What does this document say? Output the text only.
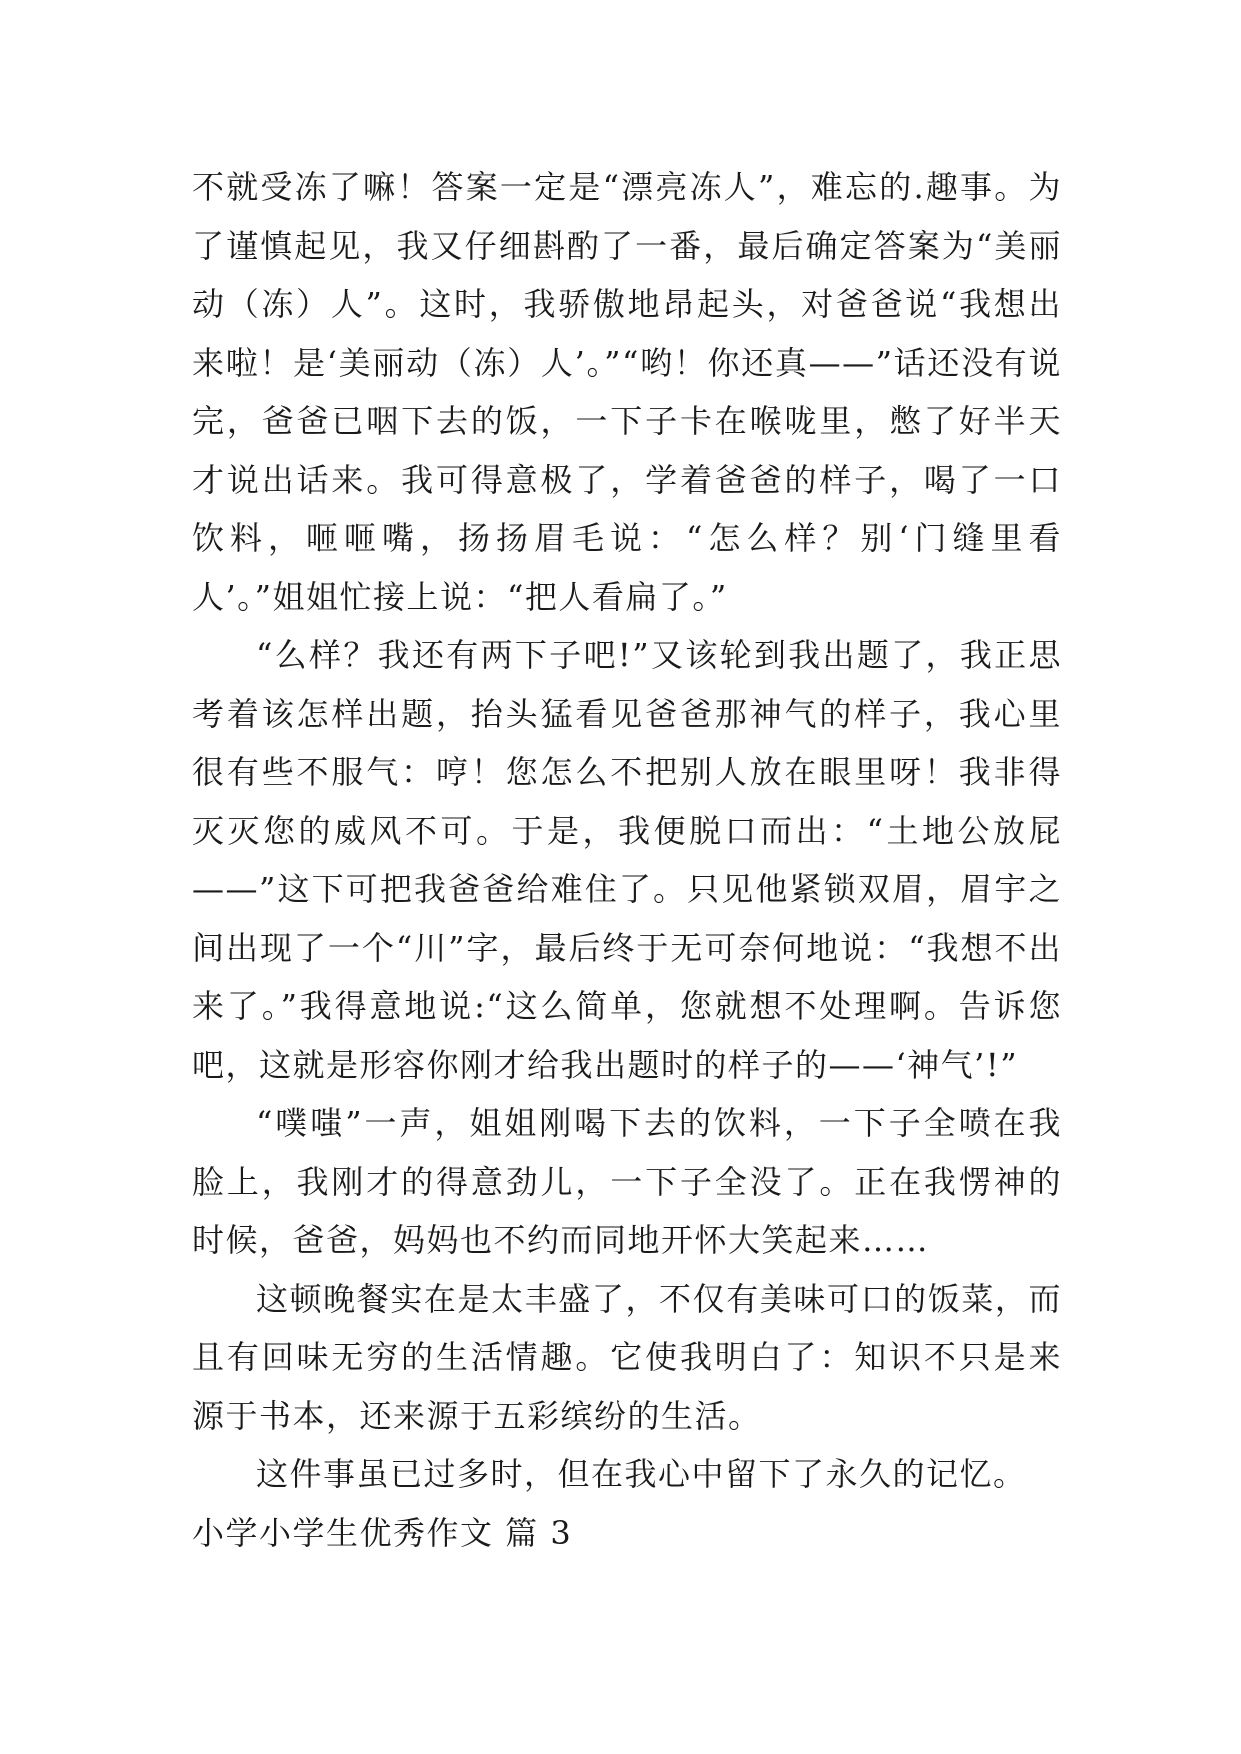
不就受冻了嘛！答案一定是“漂亮冻人”，难忘的.趣事。为了谨慎起见，我又仔细斟酌了一番，最后确定答案为“美丽动（冻）人”。这时，我骄傲地昂起头，对爸爸说“我想出来啦！是‘美丽动（冻）人’。”“哟！你还真——”话还没有说完，爸爸已咽下去的饭，一下子卡在喉咙里，憋了好半天才说出话来。我可得意极了，学着爸爸的样子，喝了一口饮料，咂咂嘴，扬扬眉毛说：“怎么样？别‘门缝里看人’。”姐姐忙接上说：“把人看扁了。”

“么样？我还有两下子吧!”又该轮到我出题了，我正思考着该怎样出题，抬头猛看见爸爸那神气的样子，我心里很有些不服气：哼！您怎么不把别人放在眼里呀！我非得灭灭您的威风不可。于是，我便脱口而出：“土地公放屁——”这下可把我爸爸给难住了。只见他紧锁双眉，眉宇之间出现了一个“川”字，最后终于无可奈何地说：“我想不出来了。”我得意地说:“这么简单，您就想不处理啊。告诉您吧，这就是形容你刚才给我出题时的样子的——‘神气’!”

“噗嗤”一声，姐姐刚喝下去的饮料，一下子全喷在我脸上，我刚才的得意劲儿，一下子全没了。正在我愣神的时候，爸爸，妈妈也不约而同地开怀大笑起来……

这顿晚餐实在是太丰盛了，不仅有美味可口的饭菜，而且有回味无穷的生活情趣。它使我明白了：知识不只是来源于书本，还来源于五彩缤纷的生活。

这件事虽已过多时，但在我心中留下了永久的记忆。

小学小学生优秀作文 篇 3
